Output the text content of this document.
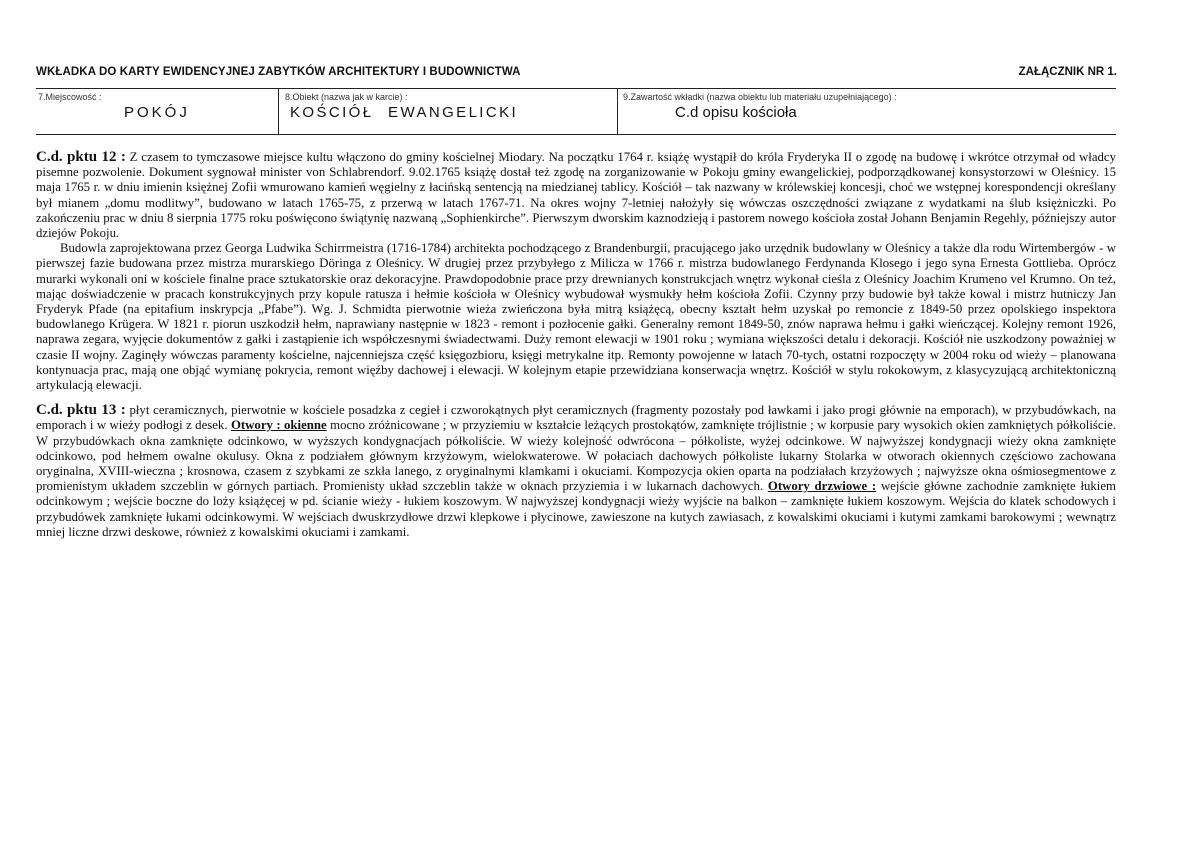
WKŁADKA DO KARTY EWIDENCYJNEJ ZABYTKÓW ARCHITEKTURY I BUDOWNICTWA	ZAŁĄCZNIK NR 1.
7.Miejscowość :
POKÓJ
8.Obiekt (nazwa jak w karcie) :
KOŚCIÓŁ EWANGELICKI
9.Zawartość wkładki (nazwa obiektu lub materiału uzupełniającego) :
C.d opisu kościoła

C.d. pktu 12 : Z czasem to tymczasowe miejsce kultu włączono do gminy kościelnej Miodary. Na początku 1764 r. książę wystąpił do króla Fryderyka II o zgodę na budowę i wkrótce otrzymał od władcy pisemne pozwolenie. Dokument sygnował minister von Schlabrendorf. 9.02.1765 książę dostał też zgodę na zorganizowanie w Pokoju gminy ewangelickiej, podporządkowanej konsystorzowi w Oleśnicy. 15 maja 1765 r. w dniu imienin księżnej Zofii wmurowano kamień węgielny z łacińską sentencją na miedzianej tablicy. Kościół – tak nazwany w królewskiej koncesji, choć we wstępnej korespondencji określany był mianem „domu modlitwy”, budowano w latach 1765-75, z przerwą w latach 1767-71. Na okres wojny 7-letniej nałożyły się wówczas oszczędności związane z wydatkami na ślub księżniczki. Po zakończeniu prac w dniu 8 sierpnia 1775 roku poświęcono świątynię nazwaną „Sophienkirche”. Pierwszym dworskim kaznodzieją i pastorem nowego kościoła został Johann Benjamin Regehly, późniejszy autor dziejów Pokoju.

Budowla zaprojektowana przez Georga Ludwika Schirrmeistra (1716-1784) architekta pochodzącego z Brandenburgii, pracującego jako urzędnik budowlany w Oleśnicy a także dla rodu Wirtembergów - w pierwszej fazie budowana przez mistrza murarskiego Döringa z Oleśnicy. W drugiej przez przybyłego z Milicza w 1766 r. mistrza budowlanego Ferdynanda Klosego i jego syna Ernesta Gottlieba. Oprócz murarki wykonali oni w kościele finalne prace sztukatorskie oraz dekoracyjne. Prawdopodobnie prace przy drewnianych konstrukcjach wnętrz wykonał cieśla z Oleśnicy Joachim Krumeno vel Krumno. On też, mając doświadczenie w pracach konstrukcyjnych przy kopule ratusza i hełmie kościoła w Oleśnicy wybudował wysmukły hełm kościoła Zofii. Czynny przy budowie był także kowal i mistrz hutniczy Jan Fryderyk Pfade (na epitafium inskrypcja „Pfabe”). Wg. J. Schmidta pierwotnie wieża zwieńczona była mitrą książęcą, obecny kształt hełm uzyskał po remoncie z 1849-50 przez opolskiego inspektora budowlanego Krügera. W 1821 r. piorun uszkodził hełm, naprawiany następnie w 1823 - remont i pozłocenie gałki. Generalny remont 1849-50, znów naprawa hełmu i gałki wieńczącej. Kolejny remont 1926, naprawa zegara, wyjęcie dokumentów z gałki i zastąpienie ich współczesnymi świadectwami. Duży remont elewacji w 1901 roku ; wymiana większości detalu i dekoracji. Kościół nie uszkodzony poważniej w czasie II wojny. Zaginęły wówczas paramenty kościelne, najcenniejsza część księgozbioru, księgi metrykalne itp. Remonty powojenne w latach 70-tych, ostatni rozpoczęty w 2004 roku od wieży – planowana kontynuacja prac, mają one objąć wymianę pokrycia, remont więźby dachowej i elewacji. W kolejnym etapie przewidziana konserwacja wnętrz. Kościół w stylu rokokowym, z klasycyzującą architektoniczną artykulacją elewacji.

C.d. pktu 13 : płyt ceramicznych, pierwotnie w kościele posadzka z cegieł i czworokątnych płyt ceramicznych (fragmenty pozostały pod ławkami i jako progi głównie na emporach), w przybudówkach, na emporach i w wieży podłogi z desek. Otwory : okienne mocno zróżnicowane ; w przyziemiu w kształcie leżących prostokątów, zamknięte trójlistnie ; w korpusie pary wysokich okien zamkniętych półkoliście. W przybudówkach okna zamknięte odcinkowo, w wyższych kondygnacjach półkoliście. W wieży kolejność odwrócona – półkoliste, wyżej odcinkowe. W najwyższej kondygnacji wieży okna zamknięte odcinkowo, pod hełmem owalne okulusy. Okna z podziałem głównym krzyżowym, wielokwaterowe. W połaciach dachowych półkoliste lukarny Stolarka w otworach okiennych częściowo zachowana oryginalna, XVIII-wieczna ; krosnowa, czasem z szybkami ze szkła lanego, z oryginalnymi klamkami i okuciami. Kompozycja okien oparta na podziałach krzyżowych ; najwyższe okna ośmiosegmentowe z promienistym układem szczeblin w górnych partiach. Promienisty układ szczeblin także w oknach przyziemia i w lukarnach dachowych. Otwory drzwiowe : wejście główne zachodnie zamknięte łukiem odcinkowym ; wejście boczne do loży książęcej w pd. ścianie wieży - łukiem koszowym. W najwyższej kondygnacji wieży wyjście na balkon – zamknięte łukiem koszowym. Wejścia do klatek schodowych i przybudówek zamknięte łukami odcinkowymi. W wejściach dwuskrzydłowe drzwi klepkowe i płycinowe, zawieszone na kutych zawiasach, z kowalskimi okuciami i kutymi zamkami barokowymi ; wewnątrz mniej liczne drzwi deskowe, również z kowalskimi okuciami i zamkami.
